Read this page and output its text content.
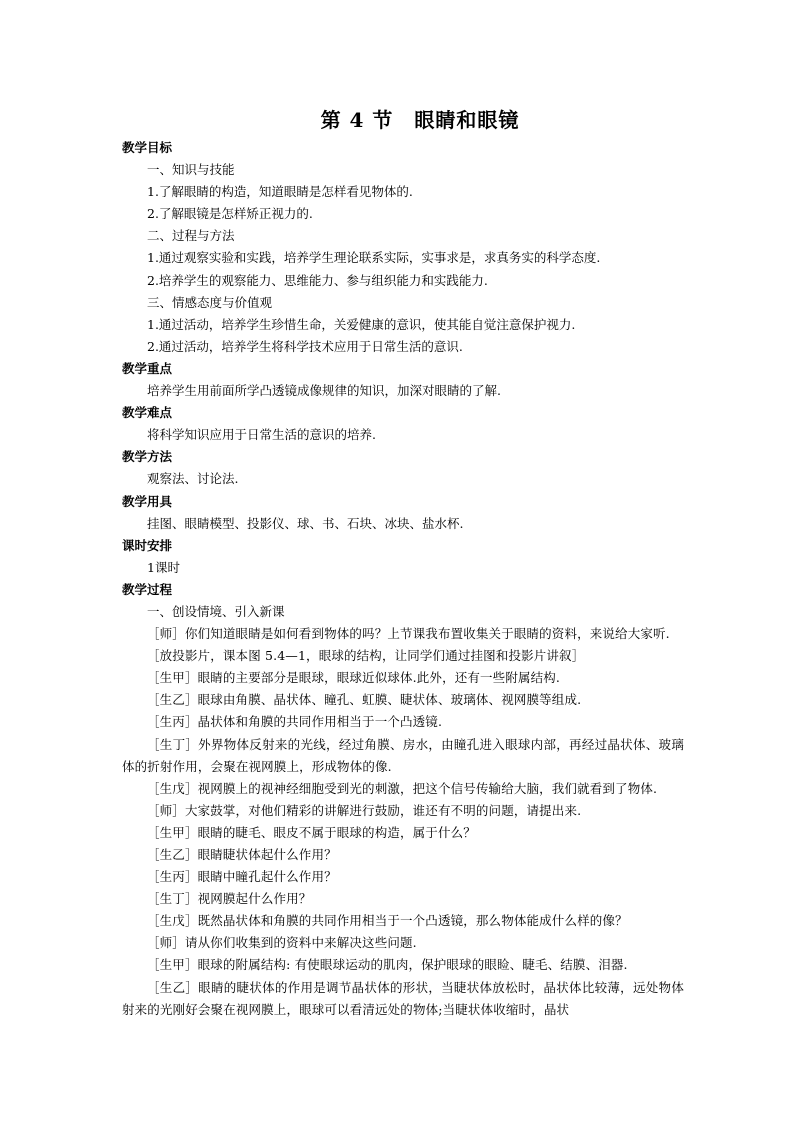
第 4 节　眼睛和眼镜
教学目标
一、知识与技能
1.了解眼睛的构造，知道眼睛是怎样看见物体的.
2.了解眼镜是怎样矫正视力的.
二、过程与方法
1.通过观察实验和实践，培养学生理论联系实际，实事求是，求真务实的科学态度.
2.培养学生的观察能力、思维能力、参与组织能力和实践能力.
三、情感态度与价值观
1.通过活动，培养学生珍惜生命，关爱健康的意识，使其能自觉注意保护视力.
2.通过活动，培养学生将科学技术应用于日常生活的意识.
教学重点
培养学生用前面所学凸透镜成像规律的知识，加深对眼睛的了解.
教学难点
将科学知识应用于日常生活的意识的培养.
教学方法
观察法、讨论法.
教学用具
挂图、眼睛模型、投影仪、球、书、石块、冰块、盐水杯.
课时安排
1课时
教学过程
一、创设情境、引入新课
［师］你们知道眼睛是如何看到物体的吗？上节课我布置收集关于眼睛的资料，来说给大家听.
［放投影片，课本图 5.4—1，眼球的结构，让同学们通过挂图和投影片讲叙］
［生甲］眼睛的主要部分是眼球，眼球近似球体.此外，还有一些附属结构.
［生乙］眼球由角膜、晶状体、瞳孔、虹膜、睫状体、玻璃体、视网膜等组成.
［生丙］晶状体和角膜的共同作用相当于一个凸透镜.
［生丁］外界物体反射来的光线，经过角膜、房水，由瞳孔进入眼球内部，再经过晶状体、玻璃体的折射作用，会聚在视网膜上，形成物体的像.
［生戊］视网膜上的视神经细胞受到光的刺激，把这个信号传输给大脑，我们就看到了物体.
［师］大家鼓掌，对他们精彩的讲解进行鼓励，谁还有不明的问题，请提出来.
［生甲］眼睛的睫毛、眼皮不属于眼球的构造，属于什么？
［生乙］眼睛睫状体起什么作用？
［生丙］眼睛中瞳孔起什么作用？
［生丁］视网膜起什么作用？
［生戊］既然晶状体和角膜的共同作用相当于一个凸透镜，那么物体能成什么样的像？
［师］请从你们收集到的资料中来解决这些问题.
［生甲］眼球的附属结构: 有使眼球运动的肌肉，保护眼球的眼睑、睫毛、结膜、泪器.
［生乙］眼睛的睫状体的作用是调节晶状体的形状，当睫状体放松时，晶状体比较薄，远处物体射来的光刚好会聚在视网膜上，眼球可以看清远处的物体;当睫状体收缩时，晶状
